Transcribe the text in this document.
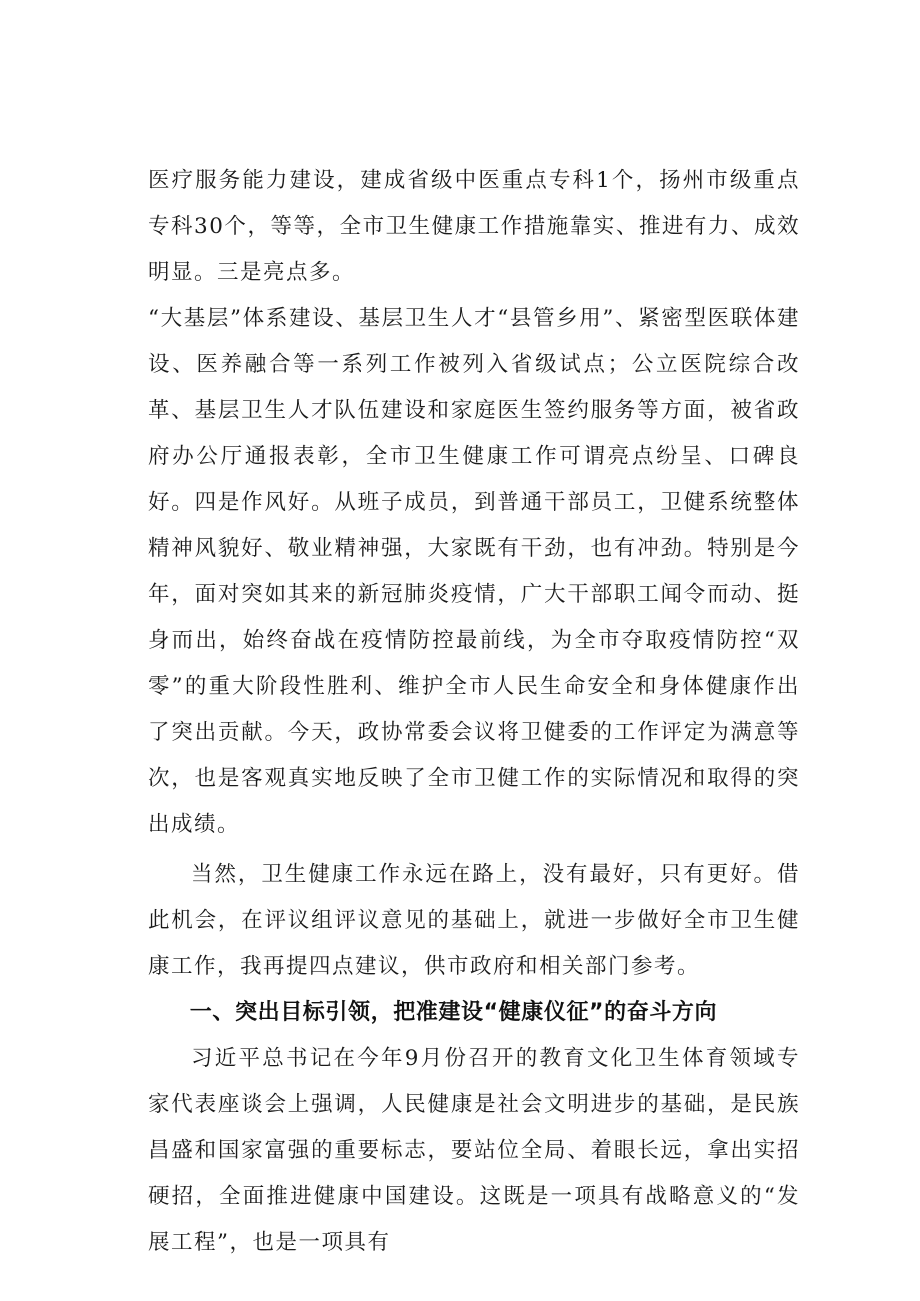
医疗服务能力建设，建成省级中医重点专科1个，扬州市级重点专科30个，等等，全市卫生健康工作措施靠实、推进有力、成效明显。三是亮点多。

“大基层”体系建设、基层卫生人才“县管乡用”、紧密型医联体建设、医养融合等一系列工作被列入省级试点；公立医院综合改革、基层卫生人才队伍建设和家庭医生签约服务等方面，被省政府办公厅通报表彰，全市卫生健康工作可谓亮点纷呈、口碑良好。四是作风好。从班子成员，到普通干部员工，卫健系统整体精神风貌好、敬业精神强，大家既有干劲，也有冲劲。特别是今年，面对突如其来的新冠肺炎疫情，广大干部职工闻令而动、挺身而出，始终奋战在疫情防控最前线，为全市夺取疫情防控“双零”的重大阶段性胜利、维护全市人民生命安全和身体健康作出了突出贡献。今天，政协常委会议将卫健委的工作评定为满意等次，也是客观真实地反映了全市卫健工作的实际情况和取得的突出成绩。

当然，卫生健康工作永远在路上，没有最好，只有更好。借此机会，在评议组评议意见的基础上，就进一步做好全市卫生健康工作，我再提四点建议，供市政府和相关部门参考。

一、突出目标引领，把准建设“健康仪征”的奋斗方向

习近平总书记在今年9月份召开的教育文化卫生体育领域专家代表座谈会上强调，人民健康是社会文明进步的基础，是民族昌盛和国家富强的重要标志，要站位全局、着眼长远，拿出实招硬招，全面推进健康中国建设。这既是一项具有战略意义的“发展工程”，也是一项具有
